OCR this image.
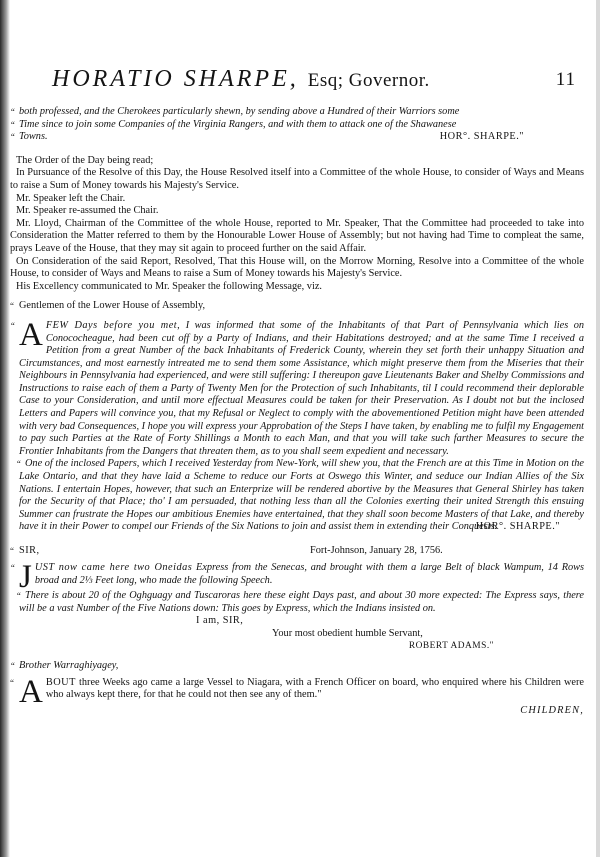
HORATIO SHARPE, Esq; Governor.	11

“ both professed, and the Cherokees particularly shewn, by sending above a Hundred of their Warriors some

“ Time since to join some Companies of the Virginia Rangers, and with them to attack one of the Shawanese

“ Towns.	HOR°. SHARPE."

The Order of the Day being read;

In Pursuance of the Resolve of this Day, the House Resolved itself into a Committee of the whole House, to consider of Ways and Means to raise a Sum of Money towards his Majesty's Service.

Mr. Speaker left the Chair.

Mr. Speaker re-assumed the Chair.

Mr. Lloyd, Chairman of the Committee of the whole House, reported to Mr. Speaker, That the Committee had proceeded to take into Consideration the Matter referred to them by the Honourable Lower House of Assembly; but not having had Time to compleat the same, prays Leave of the House, that they may sit again to proceed further on the said Affair.

On Consideration of the said Report, Resolved, That this House will, on the Morrow Morning, Resolve into a Committee of the whole House, to consider of Ways and Means to raise a Sum of Money towards his Majesty's Service.

His Excellency communicated to Mr. Speaker the following Message, viz.

“ Gentlemen of the Lower House of Assembly,

“ A FEW Days before you met, I was informed that some of the Inhabitants of that Part of Pennsylvania which lies on Conococheague, had been cut off by a Party of Indians, and their Habitations destroyed; and at the same Time I received a Petition from a great Number of the back Inhabitants of Frederick County, wherein they set forth their unhappy Situation and Circumstances, and most earnestly intreated me to send them some Assistance, which might preserve them from the Miseries that their Neighbours in Pennsylvania had experienced, and were still suffering: I thereupon gave Lieutenants Baker and Shelby Commissions and Instructions to raise each of them a Party of Twenty Men for the Protection of such Inhabitants, til I could recommend their deplorable Case to your Consideration, and until more effectual Measures could be taken for their Preservation. As I doubt not but the inclosed Letters and Papers will convince you, that my Refusal or Neglect to comply with the abovementioned Petition might have been attended with very bad Consequences, I hope you will express your Approbation of the Steps I have taken, by enabling me to fulfil my Engagement to pay such Parties at the Rate of Forty Shillings a Month to each Man, and that you will take such farther Measures to secure the Frontier Inhabitants from the Dangers that threaten them, as to you shall seem expedient and necessary.

“ One of the inclosed Papers, which I received Yesterday from New-York, will shew you, that the French are at this Time in Motion on the Lake Ontario, and that they have laid a Scheme to reduce our Forts at Oswego this Winter, and seduce our Indian Allies of the Six Nations. I entertain Hopes, however, that such an Enterprize will be rendered abortive by the Measures that General Shirley has taken for the Security of that Place; tho' I am persuaded, that nothing less than all the Colonies exerting their united Strength this ensuing Summer can frustrate the Hopes our ambitious Enemies have entertained, that they shall soon become Masters of that Lake, and thereby have it in their Power to compel our Friends of the Six Nations to join and assist them in extending their Conquests.

HOR°. SHARPE."

“ SIR,	Fort-Johnson, January 28, 1756.
“ J UST now came here two Oneidas Express from the Senecas, and brought with them a large Belt of black Wampum, 14 Rows broad and 2⅓ Feet long, who made the following Speech.

“ There is about 20 of the Oghguagy and Tuscaroras here these eight Days past, and about 30 more expected: The Express says, there will be a vast Number of the Five Nations down: This goes by Express, which the Indians insisted on.

I am, SIR,

Your most obedient humble Servant,

ROBERT ADAMS."

“ Brother Warraghiyagey,

“ A BOUT three Weeks ago came a large Vessel to Niagara, with a French Officer on board, who enquired where his Children were who always kept there, for that he could not then see any of them."

CHILDREN,
